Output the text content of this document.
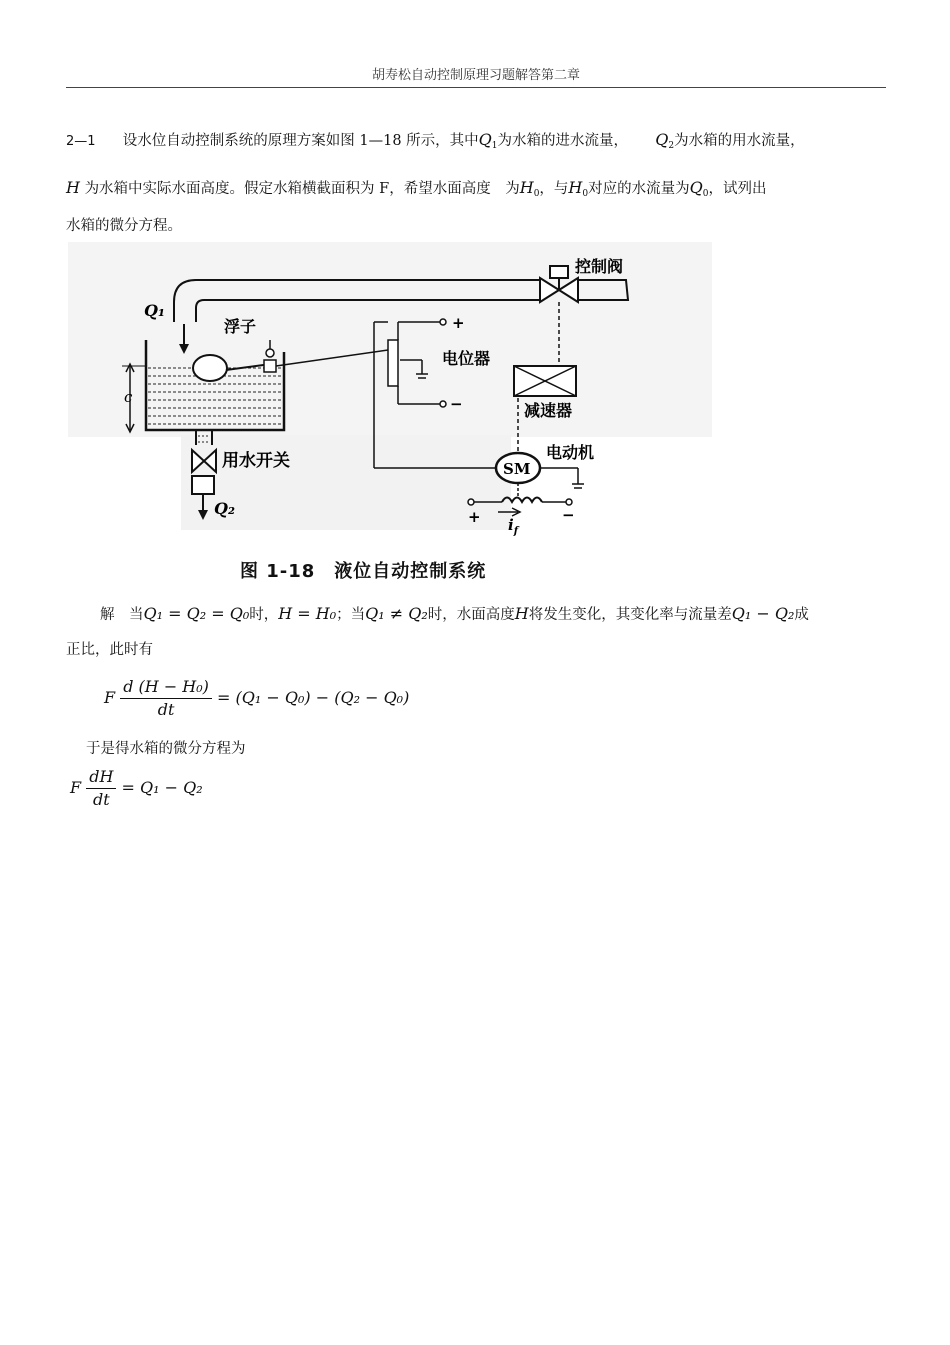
胡寿松自动控制原理习题解答第二章
2—1 设水位自动控制系统的原理方案如图 1—18 所示，其中$Q_1$为水箱的进水流量， $Q_2$为水箱的用水流量，
H 为水箱中实际水面高度。假定水箱横截面积为 F，希望水面高度　为$H_0$，与$H_0$对应的水流量为$Q_0$，试列出
水箱的微分方程。
控制阀
Q₁
c
浮子	+
−
电位器
减速器
SM
电动机
+	−
$i_f$
用水开关
Q₂
图 1-18　液位自动控制系统
解　当Q₁ = Q₂ = Q₀时，H = H₀；当Q₁ ≠ Q₂时，水面高度H将发生变化，其变化率与流量差Q₁ − Q₂成
正比，此时有
F $\frac{\text{d (H − H₀)}}{dt} = (Q_1 - Q_0) - (Q_2 - Q_0)$
于是得水箱的微分方程为
F $\frac{dH}{dt} = Q_1 - Q_2$
